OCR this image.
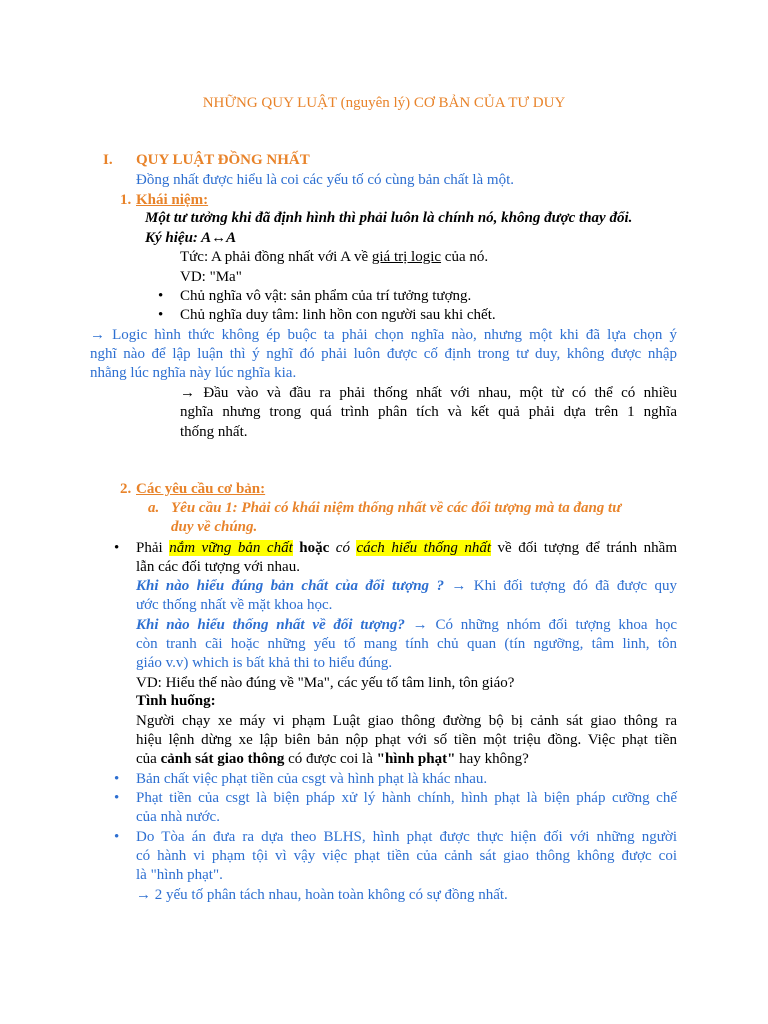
NHỮNG QUY LUẬT (nguyên lý) CƠ BẢN CỦA TƯ DUY
I. QUY LUẬT ĐỒNG NHẤT
Đồng nhất được hiểu là coi các yếu tố có cùng bản chất là một.
1. Khái niệm:
Một tư tưởng khi đã định hình thì phải luôn là chính nó, không được thay đổi.
Ký hiệu: A↔A
Tức: A phải đồng nhất với A về giá trị logic của nó.
VD: "Ma"
• Chủ nghĩa vô vật: sản phẩm của trí tưởng tượng.
• Chủ nghĩa duy tâm: linh hồn con người sau khi chết.
→ Logic hình thức không ép buộc ta phải chọn nghĩa nào, nhưng một khi đã lựa chọn ý
nghĩ nào để lập luận thì ý nghĩ đó phải luôn được cố định trong tư duy, không được nhập
nhằng lúc nghĩa này lúc nghĩa kia.
→ Đầu vào và đầu ra phải thống nhất với nhau, một từ có thể có nhiều
nghĩa nhưng trong quá trình phân tích và kết quả phải dựa trên 1 nghĩa
thống nhất.
2. Các yêu cầu cơ bản:
a. Yêu cầu 1: Phải có khái niệm thống nhất về các đối tượng mà ta đang tư
duy về chúng.
• Phải nắm vững bản chất hoặc có cách hiểu thống nhất về đối tượng để tránh nhầm
lẫn các đối tượng với nhau.
Khi nào hiểu đúng bản chất của đối tượng ? → Khi đối tượng đó đã được quy
ước thống nhất về mặt khoa học.
Khi nào hiểu thống nhất về đối tượng? → Có những nhóm đối tượng khoa học
còn tranh cãi hoặc những yếu tố mang tính chủ quan (tín ngưỡng, tâm linh, tôn
giáo v.v) which is bất khả thi to hiểu đúng.
VD: Hiểu thế nào đúng về "Ma", các yếu tố tâm linh, tôn giáo?
Tình huống:
Người chạy xe máy vi phạm Luật giao thông đường bộ bị cảnh sát giao thông ra
hiệu lệnh dừng xe lập biên bản nộp phạt với số tiền một triệu đồng. Việc phạt tiền
của cảnh sát giao thông có được coi là "hình phạt" hay không?
• Bản chất việc phạt tiền của csgt và hình phạt là khác nhau.
• Phạt tiền của csgt là biện pháp xử lý hành chính, hình phạt là biện pháp cưỡng chế
của nhà nước.
• Do Tòa án đưa ra dựa theo BLHS, hình phạt được thực hiện đối với những người
có hành vi phạm tội vì vậy việc phạt tiền của cảnh sát giao thông không được coi
là "hình phạt".
→ 2 yếu tố phân tách nhau, hoàn toàn không có sự đồng nhất.
